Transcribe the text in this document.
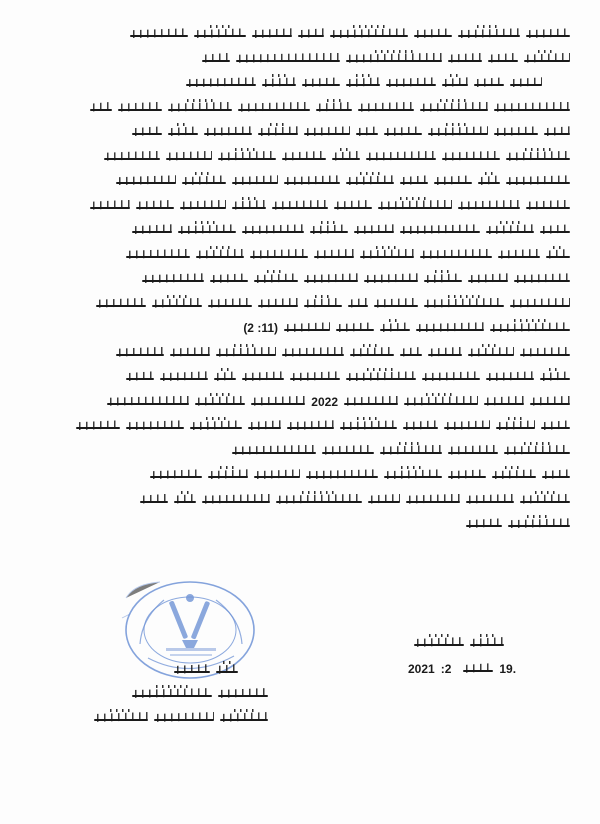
(2 :11)
2022
2021 :2	19.
